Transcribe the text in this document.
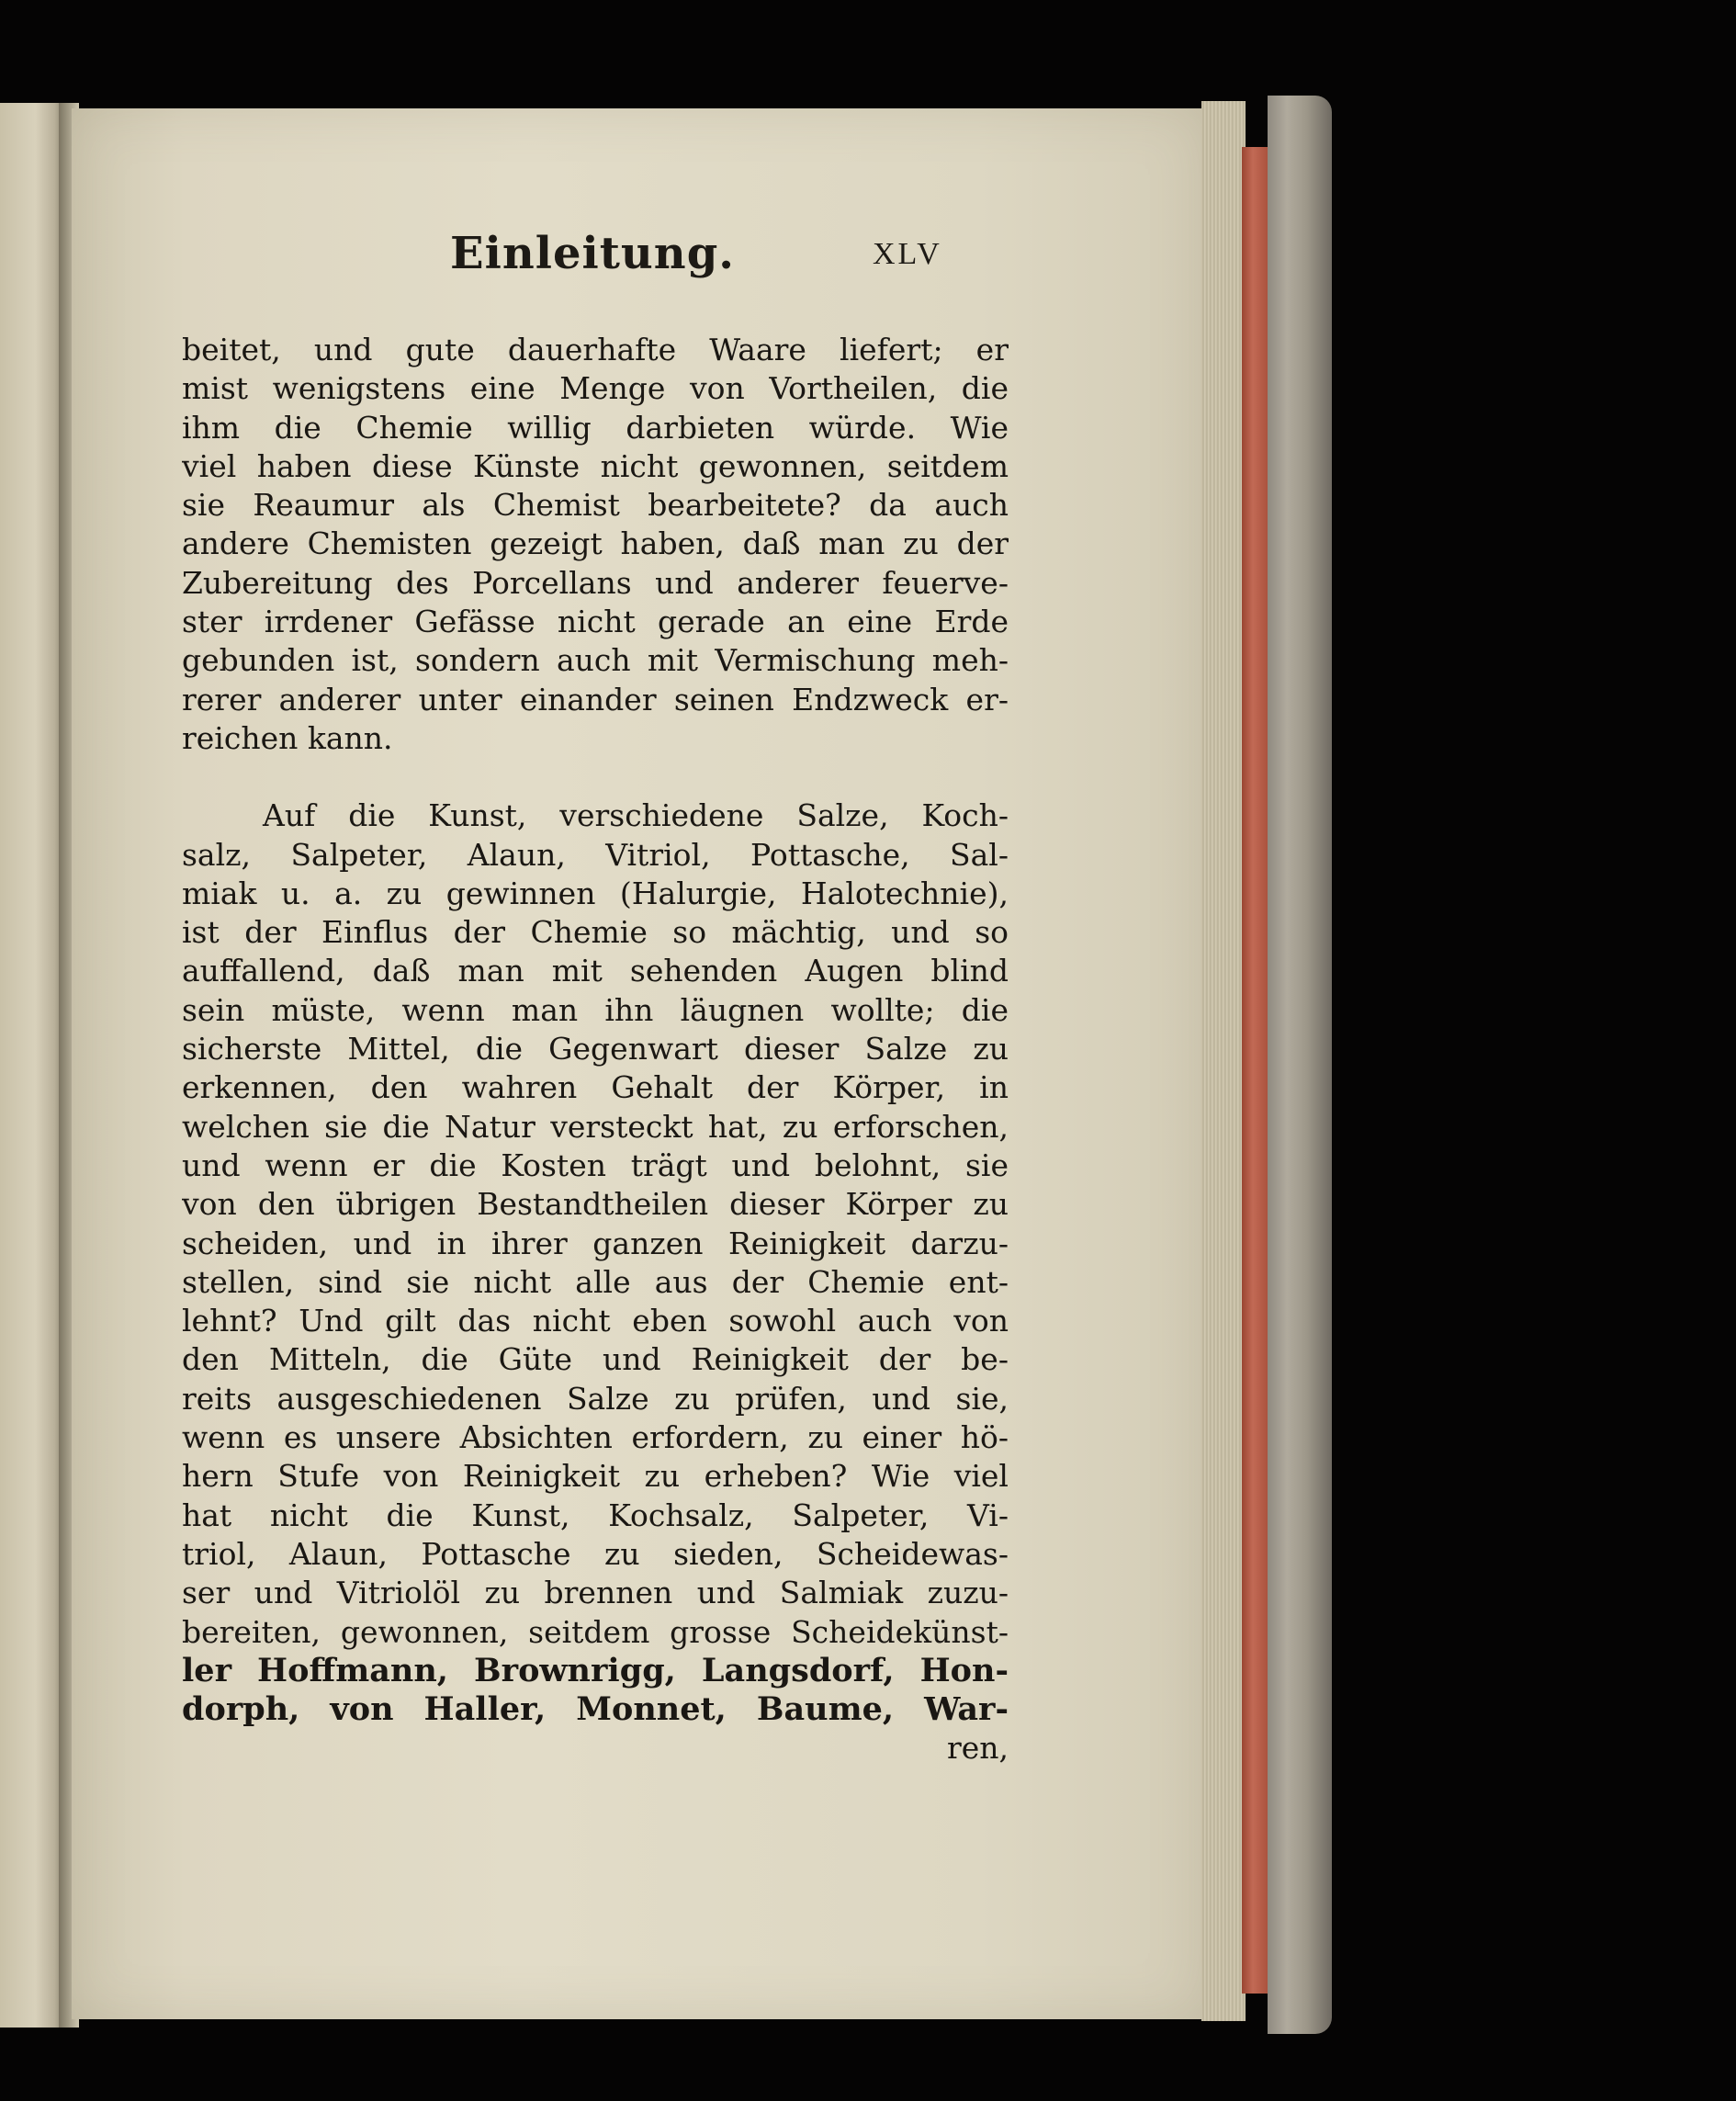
Einleitung.	XLV
beitet, und gute dauerhafte Waare liefert; er
mist wenigstens eine Menge von Vortheilen, die
ihm die Chemie willig darbieten würde. Wie
viel haben diese Künste nicht gewonnen, seitdem
sie Reaumur als Chemist bearbeitete? da auch
andere Chemisten gezeigt haben, daß man zu der
Zubereitung des Porcellans und anderer feuervе-
ster irrdener Gefässe nicht gerade an eine Erde
gebunden ist, sondern auch mit Vermischung meh-
rerer anderer unter einander seinen Endzweck er-
reichen kann.
Auf die Kunst, verschiedene Salze, Koch-
salz, Salpeter, Alaun, Vitriol, Pottasche, Sal-
miak u. a. zu gewinnen (Halurgie, Halotechnie),
ist der Einflus der Chemie so mächtig, und so
auffallend, daß man mit sehenden Augen blind
sein müste, wenn man ihn läugnen wollte; die
sicherste Mittel, die Gegenwart dieser Salze zu
erkennen, den wahren Gehalt der Körper, in
welchen sie die Natur versteckt hat, zu erforschen,
und wenn er die Kosten trägt und belohnt, sie
von den übrigen Bestandtheilen dieser Körper zu
scheiden, und in ihrer ganzen Reinigkeit darzu-
stellen, sind sie nicht alle aus der Chemie ent-
lehnt? Und gilt das nicht eben sowohl auch von
den Mitteln, die Güte und Reinigkeit der be-
reits ausgeschiedenen Salze zu prüfen, und sie,
wenn es unsere Absichten erfordern, zu einer hö-
hern Stufe von Reinigkeit zu erheben? Wie viel
hat nicht die Kunst, Kochsalz, Salpeter, Vi-
triol, Alaun, Pottasche zu sieden, Scheidewas-
ser und Vitriolöl zu brennen und Salmiak zuzu-
bereiten, gewonnen, seitdem grosse Scheidekünst-
ler Hoffmann, Brownrigg, Langsdorf, Hon-
dorph, von Haller, Monnet, Baume, War-
ren,
